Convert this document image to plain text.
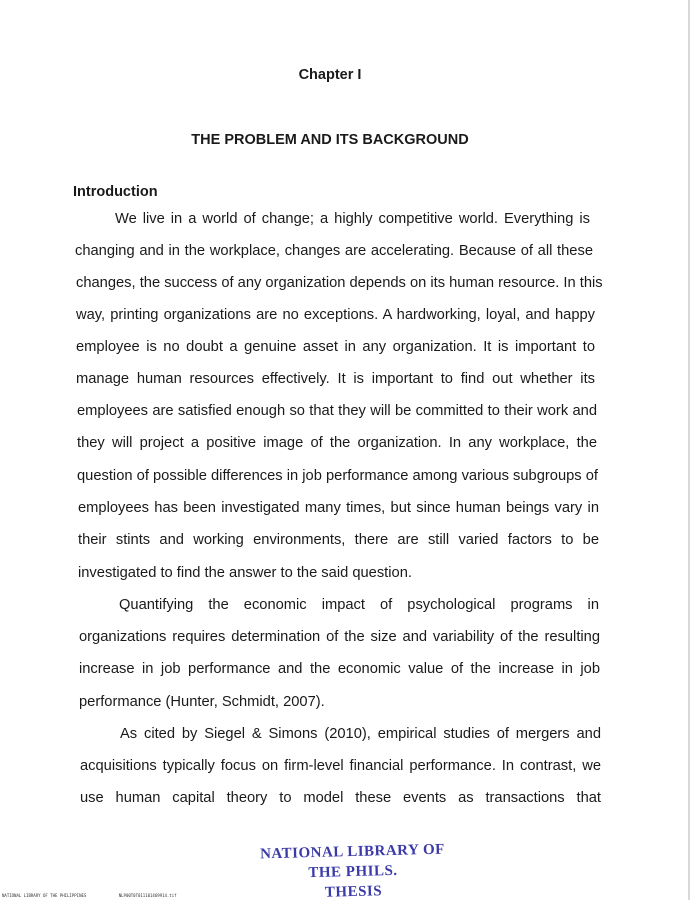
Chapter I
THE PROBLEM AND ITS BACKGROUND
Introduction
We live in a world of change; a highly competitive world. Everything is
changing and in the workplace, changes are accelerating. Because of all these
changes, the success of any organization depends on its human resource. In this
way, printing organizations are no exceptions. A hardworking, loyal, and happy
employee is no doubt a genuine asset in any organization. It is important to
manage human resources effectively. It is important to find out whether its
employees are satisfied enough so that they will be committed to their work and
they will project a positive image of the organization. In any workplace, the
question of possible differences in job performance among various subgroups of
employees has been investigated many times, but since human beings vary in
their stints and working environments, there are still varied factors to be
investigated to find the answer to the said question.
Quantifying the economic impact of psychological programs in
organizations requires determination of the size and variability of the resulting
increase in job performance and the economic value of the increase in job
performance (Hunter, Schmidt, 2007).
As cited by Siegel & Simons (2010), empirical studies of mergers and
acquisitions typically focus on firm-level financial performance. In contrast, we
use human capital theory to model these events as transactions that
NATIONAL LIBRARY OF THE PHILS.
THESIS
NATIONAL LIBRARY OF THE PHILIPPINES	NLP00T0T011101469914.tif
